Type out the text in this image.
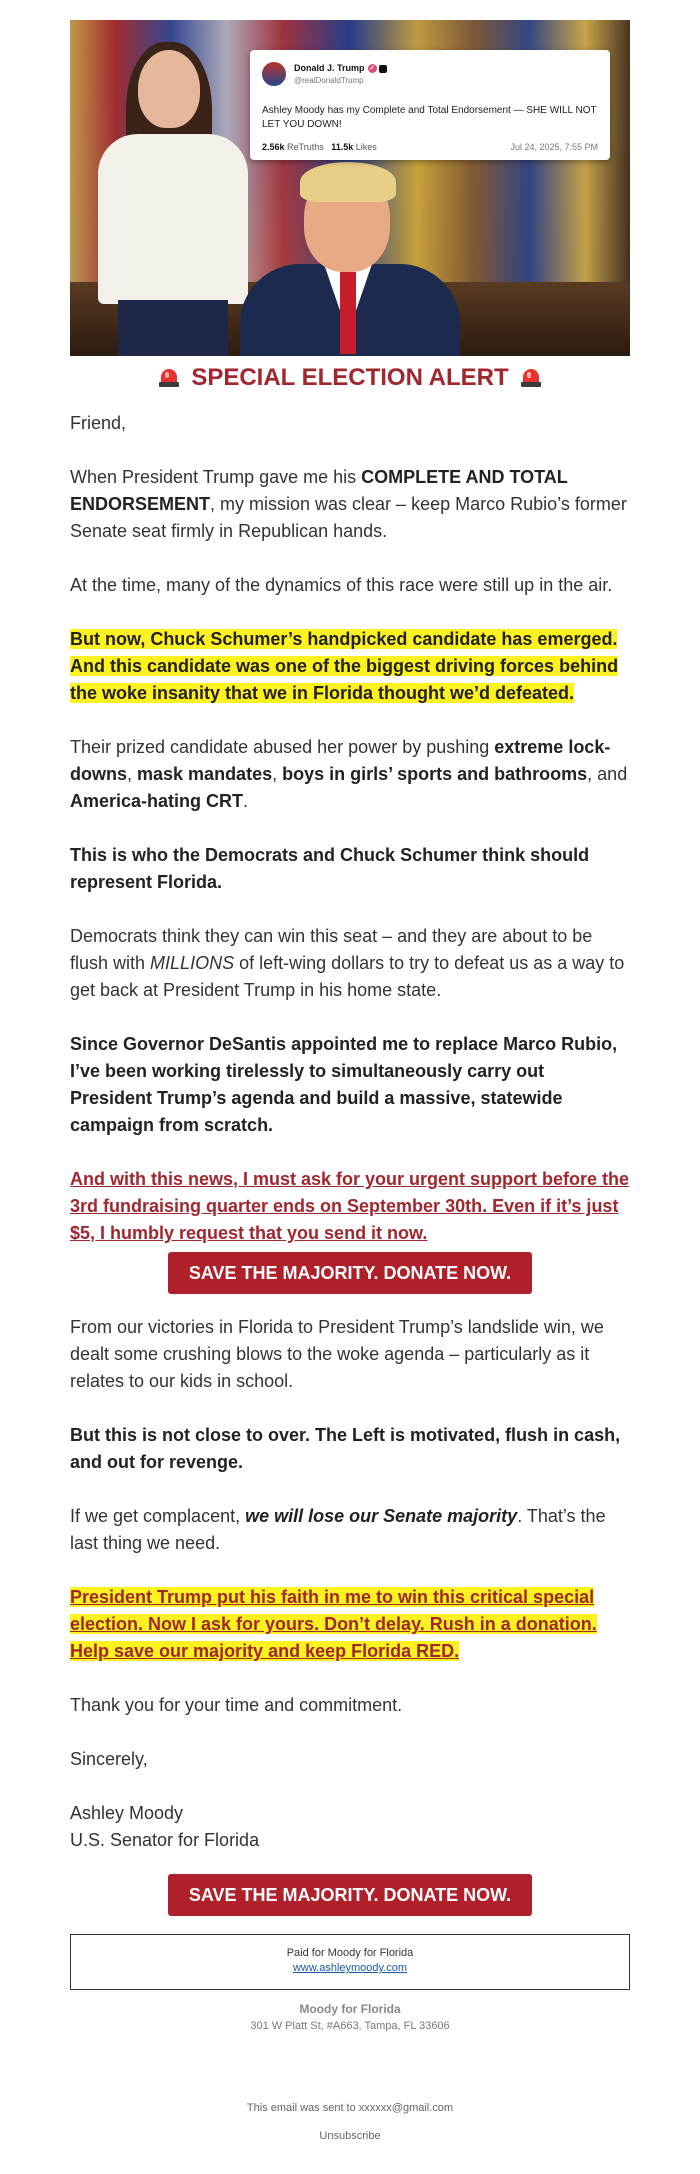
Donald J. Trump ✓
@realDonaldTrump
Ashley Moody has my Complete and Total Endorsement — SHE WILL NOT LET YOU DOWN!
2.56k ReTruths 11.5k Likes	Jul 24, 2025, 7:55 PM
SPECIAL ELECTION ALERT

Friend,

When President Trump gave me his COMPLETE AND TOTAL ENDORSEMENT, my mission was clear – keep Marco Rubio’s former Senate seat firmly in Republican hands.

At the time, many of the dynamics of this race were still up in the air.

But now, Chuck Schumer’s handpicked candidate has emerged. And this candidate was one of the biggest driving forces behind the woke insanity that we in Florida thought we’d defeated.

Their prized candidate abused her power by pushing extreme lock-downs, mask mandates, boys in girls’ sports and bathrooms, and America-hating CRT.

This is who the Democrats and Chuck Schumer think should represent Florida.

Democrats think they can win this seat – and they are about to be flush with MILLIONS of left-wing dollars to try to defeat us as a way to get back at President Trump in his home state.

Since Governor DeSantis appointed me to replace Marco Rubio, I’ve been working tirelessly to simultaneously carry out President Trump’s agenda and build a massive, statewide campaign from scratch.

And with this news, I must ask for your urgent support before the 3rd fundraising quarter ends on September 30th. Even if it’s just $5, I humbly request that you send it now.

SAVE THE MAJORITY. DONATE NOW.

From our victories in Florida to President Trump’s landslide win, we dealt some crushing blows to the woke agenda – particularly as it relates to our kids in school.

But this is not close to over. The Left is motivated, flush in cash, and out for revenge.

If we get complacent, we will lose our Senate majority. That’s the last thing we need.

President Trump put his faith in me to win this critical special election. Now I ask for yours. Don’t delay. Rush in a donation. Help save our majority and keep Florida RED.

Thank you for your time and commitment.

Sincerely,

Ashley Moody

U.S. Senator for Florida

SAVE THE MAJORITY. DONATE NOW.
Paid for Moody for Florida
www.ashleymoody.com
Moody for Florida
301 W Platt St, #A663, Tampa, FL 33606
This email was sent to xxxxxx@gmail.com
Unsubscribe
